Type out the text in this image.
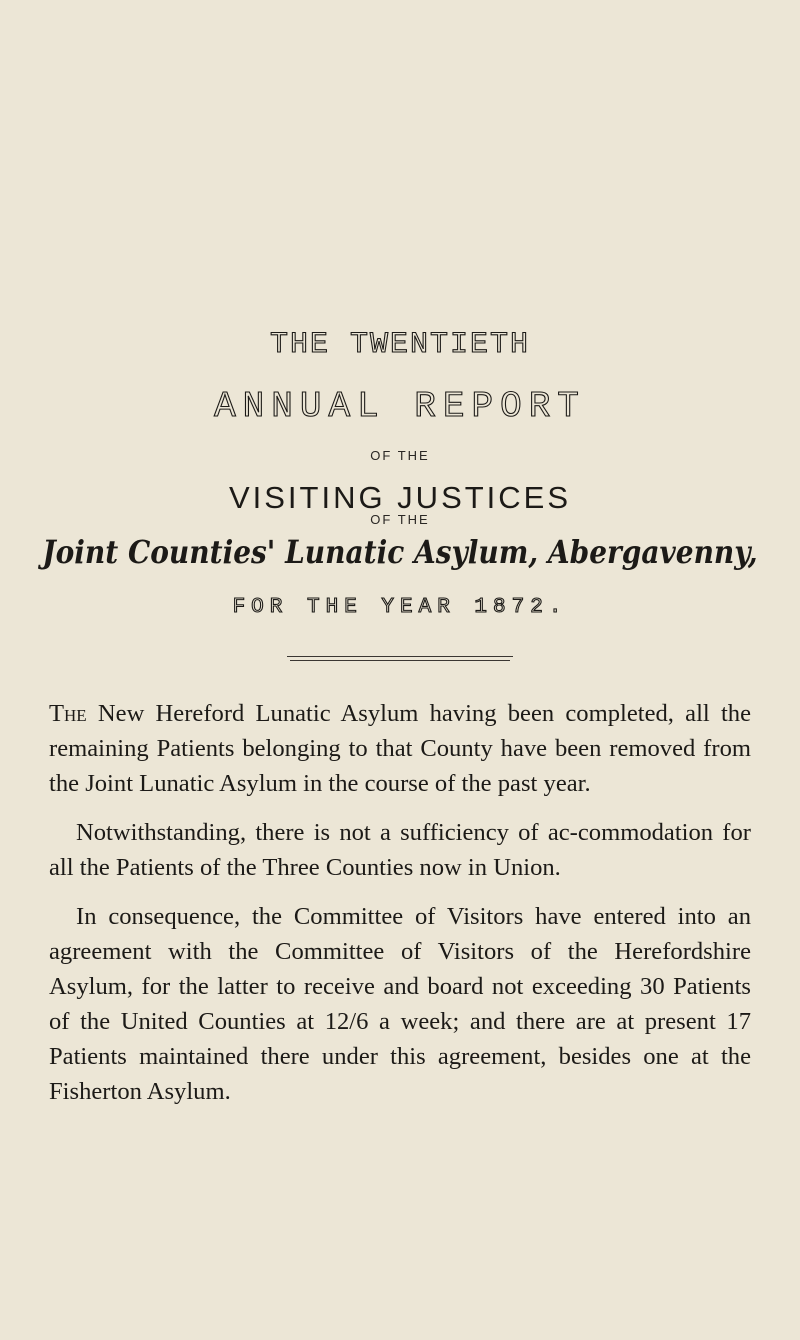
THE TWENTIETH
ANNUAL REPORT
OF THE
VISITING JUSTICES
OF THE
Joint Counties' Lunatic Asylum, Abergavenny,
FOR THE YEAR 1872.

The New Hereford Lunatic Asylum having been completed, all the remaining Patients belonging to that County have been removed from the Joint Lunatic Asylum in the course of the past year.

Notwithstanding, there is not a sufficiency of ac-commodation for all the Patients of the Three Counties now in Union.

In consequence, the Committee of Visitors have entered into an agreement with the Committee of Visitors of the Herefordshire Asylum, for the latter to receive and board not exceeding 30 Patients of the United Counties at 12/6 a week; and there are at present 17 Patients maintained there under this agreement, besides one at the Fisherton Asylum.
